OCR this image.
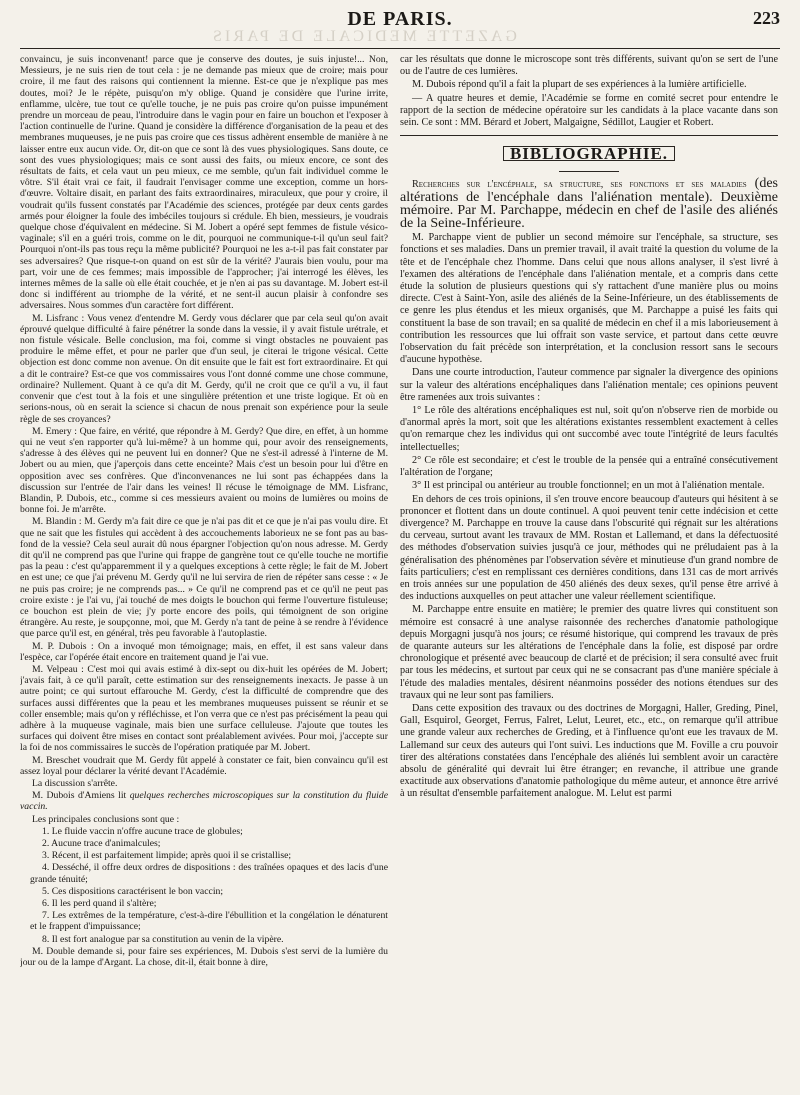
GAZETTE MEDICALE DE PARIS
DE PARIS.	223

convaincu, je suis inconvenant! parce que je conserve des doutes, je suis injuste!... Non, Messieurs, je ne suis rien de tout cela : je ne demande pas mieux que de croire; mais pour croire, il me faut des raisons qui contiennent la mienne. Est-ce que je n'explique pas mes doutes, moi? Je le répète, puisqu'on m'y oblige. Quand je considère que l'urine irrite, enflamme, ulcère, tue tout ce qu'elle touche, je ne puis pas croire qu'on puisse impunément prendre un morceau de peau, l'introduire dans le vagin pour en faire un bouchon et l'exposer à l'action continuelle de l'urine. Quand je considère la différence d'organisation de la peau et des membranes muqueuses, je ne puis pas croire que ces tissus adhèrent ensemble de manière à ne laisser entre eux aucun vide. Or, dit-on que ce sont là des vues physiologiques. Sans doute, ce sont des vues physiologiques; mais ce sont aussi des faits, ou mieux encore, ce sont des résultats de faits, et cela vaut un peu mieux, ce me semble, qu'un fait individuel comme le vôtre. S'il était vrai ce fait, il faudrait l'envisager comme une exception, comme un hors-d'œuvre. Voltaire disait, en parlant des faits extraordinaires, miraculeux, que pour y croire, il voudrait qu'ils fussent constatés par l'Académie des sciences, protégée par deux cents gardes armés pour éloigner la foule des imbéciles toujours si crédule. Eh bien, messieurs, je voudrais quelque chose d'équivalent en médecine. Si M. Jobert a opéré sept femmes de fistule vésico-vaginale; s'il en a guéri trois, comme on le dit, pourquoi ne communique-t-il qu'un seul fait? Pourquoi n'ont-ils pas tous reçu la même publicité? Pourquoi ne les a-t-il pas fait constater par ses adversaires? Que risque-t-on quand on est sûr de la vérité? J'aurais bien voulu, pour ma part, voir une de ces femmes; mais impossible de l'approcher; j'ai interrogé les élèves, les internes mêmes de la salle où elle était couchée, et je n'en ai pas su davantage. M. Jobert est-il donc si indifférent au triomphe de la vérité, et ne sent-il aucun plaisir à confondre ses adversaires. Nous sommes d'un caractère fort différent.

M. Lisfranc : Vous venez d'entendre M. Gerdy vous déclarer que par cela seul qu'on avait éprouvé quelque difficulté à faire pénétrer la sonde dans la vessie, il y avait fistule urétrale, et non fistule vésicale. Belle conclusion, ma foi, comme si vingt obstacles ne pouvaient pas produire le même effet, et pour ne parler que d'un seul, je citerai le trigone vésical. Cette objection est donc comme non avenue. On dit ensuite que le fait est fort extraordinaire. Et qui a dit le contraire? Est-ce que vos commissaires vous l'ont donné comme une chose commune, ordinaire? Nullement. Quant à ce qu'a dit M. Gerdy, qu'il ne croit que ce qu'il a vu, il faut convenir que c'est tout à la fois et une singulière prétention et une triste logique. Et où en serions-nous, où en serait la science si chacun de nous prenait son expérience pour la seule règle de ses croyances?

M. Emery : Que faire, en vérité, que répondre à M. Gerdy? Que dire, en effet, à un homme qui ne veut s'en rapporter qu'à lui-même? à un homme qui, pour avoir des renseignements, s'adresse à des élèves qui ne peuvent lui en donner? Que ne s'est-il adressé à l'interne de M. Jobert ou au mien, que j'aperçois dans cette enceinte? Mais c'est un besoin pour lui d'être en opposition avec ses confrères. Que d'inconvenances ne lui sont pas échappées dans la discussion sur l'entrée de l'air dans les veines! Il récuse le témoignage de MM. Lisfranc, Blandin, P. Dubois, etc., comme si ces messieurs avaient ou moins de lumières ou moins de bonne foi. Je m'arrête.

M. Blandin : M. Gerdy m'a fait dire ce que je n'ai pas dit et ce que je n'ai pas voulu dire. Et que ne sait que les fistules qui accèdent à des accouchements laborieux ne se font pas au bas-fond de la vessie? Cela seul aurait dû nous épargner l'objection qu'on nous adresse. M. Gerdy dit qu'il ne comprend pas que l'urine qui frappe de gangrène tout ce qu'elle touche ne mortifie pas la peau : c'est qu'apparemment il y a quelques exceptions à cette règle; le fait de M. Jobert en est une; ce que j'ai prévenu M. Gerdy qu'il ne lui servira de rien de répéter sans cesse : « Je ne puis pas croire; je ne comprends pas... » Ce qu'il ne comprend pas et ce qu'il ne peut pas croire existe : je l'ai vu, j'ai touché de mes doigts le bouchon qui ferme l'ouverture fistuleuse; ce bouchon est plein de vie; j'y porte encore des poils, qui témoignent de son origine étrangère. Au reste, je soupçonne, moi, que M. Gerdy n'a tant de peine à se rendre à l'évidence que parce qu'il est, en général, très peu favorable à l'autoplastie.

M. P. Dubois : On a invoqué mon témoignage; mais, en effet, il est sans valeur dans l'espèce, car l'opérée était encore en traitement quand je l'ai vue.

M. Velpeau : C'est moi qui avais estimé à dix-sept ou dix-huit les opérées de M. Jobert; j'avais fait, à ce qu'il paraît, cette estimation sur des renseignements inexacts. Je passe à un autre point; ce qui surtout effarouche M. Gerdy, c'est la difficulté de comprendre que des surfaces aussi différentes que la peau et les membranes muqueuses puissent se réunir et se coller ensemble; mais qu'on y réfléchisse, et l'on verra que ce n'est pas précisément la peau qui adhère à la muqueuse vaginale, mais bien une surface celluleuse. J'ajoute que toutes les surfaces qui doivent être mises en contact sont préalablement avivées. Pour moi, j'accepte sur la foi de nos commissaires le succès de l'opération pratiquée par M. Jobert.

M. Breschet voudrait que M. Gerdy fût appelé à constater ce fait, bien convaincu qu'il est assez loyal pour déclarer la vérité devant l'Académie.

La discussion s'arrête.

M. Dubois d'Amiens lit quelques recherches microscopiques sur la constitution du fluide vaccin.

Les principales conclusions sont que :

1. Le fluide vaccin n'offre aucune trace de globules;

2. Aucune trace d'animalcules;

3. Récent, il est parfaitement limpide; après quoi il se cristallise;

4. Desséché, il offre deux ordres de dispositions : des traînées opaques et des lacis d'une grande ténuité;

5. Ces dispositions caractérisent le bon vaccin;

6. Il les perd quand il s'altère;

7. Les extrêmes de la température, c'est-à-dire l'ébullition et la congélation le dénaturent et le frappent d'impuissance;

8. Il est fort analogue par sa constitution au venin de la vipère.

M. Double demande si, pour faire ses expériences, M. Dubois s'est servi de la lumière du jour ou de la lampe d'Argant. La chose, dit-il, était bonne à dire,

car les résultats que donne le microscope sont très différents, suivant qu'on se sert de l'une ou de l'autre de ces lumières.

M. Dubois répond qu'il a fait la plupart de ses expériences à la lumière artificielle.

— A quatre heures et demie, l'Académie se forme en comité secret pour entendre le rapport de la section de médecine opératoire sur les candidats à la place vacante dans son sein. Ce sont : MM. Bérard et Jobert, Malgaigne, Sédillot, Laugier et Robert.

BIBLIOGRAPHIE.

Recherches sur l'encéphale, sa structure, ses fonctions et ses maladies (des altérations de l'encéphale dans l'aliénation mentale). Deuxième mémoire. Par M. Parchappe, médecin en chef de l'asile des aliénés de la Seine-Inférieure.

M. Parchappe vient de publier un second mémoire sur l'encéphale, sa structure, ses fonctions et ses maladies. Dans un premier travail, il avait traité la question du volume de la tête et de l'encéphale chez l'homme. Dans celui que nous allons analyser, il s'est livré à l'examen des altérations de l'encéphale dans l'aliénation mentale, et a compris dans cette étude la solution de plusieurs questions qui s'y rattachent d'une manière plus ou moins directe. C'est à Saint-Yon, asile des aliénés de la Seine-Inférieure, un des établissements de ce genre les plus étendus et les mieux organisés, que M. Parchappe a puisé les faits qui constituent la base de son travail; en sa qualité de médecin en chef il a mis laborieusement à contribution les ressources que lui offrait son vaste service, et partout dans cette œuvre l'observation du fait précède son interprétation, et la conclusion ressort sans le secours d'aucune hypothèse.

Dans une courte introduction, l'auteur commence par signaler la divergence des opinions sur la valeur des altérations encéphaliques dans l'aliénation mentale; ces opinions peuvent être ramenées aux trois suivantes :

1° Le rôle des altérations encéphaliques est nul, soit qu'on n'observe rien de morbide ou d'anormal après la mort, soit que les altérations existantes ressemblent exactement à celles qu'on remarque chez les individus qui ont succombé avec toute l'intégrité de leurs facultés intellectuelles;

2° Ce rôle est secondaire; et c'est le trouble de la pensée qui a entraîné consécutivement l'altération de l'organe;

3° Il est principal ou antérieur au trouble fonctionnel; en un mot à l'aliénation mentale.

En dehors de ces trois opinions, il s'en trouve encore beaucoup d'auteurs qui hésitent à se prononcer et flottent dans un doute continuel. A quoi peuvent tenir cette indécision et cette divergence? M. Parchappe en trouve la cause dans l'obscurité qui régnait sur les altérations du cerveau, surtout avant les travaux de MM. Rostan et Lallemand, et dans la défectuosité des méthodes d'observation suivies jusqu'à ce jour, méthodes qui ne préludaient pas à la généralisation des phénomènes par l'observation sévère et minutieuse d'un grand nombre de faits particuliers; c'est en remplissant ces dernières conditions, dans 131 cas de mort arrivés en trois années sur une population de 450 aliénés des deux sexes, qu'il pense être arrivé à des inductions auxquelles on peut attacher une valeur réellement scientifique.

M. Parchappe entre ensuite en matière; le premier des quatre livres qui constituent son mémoire est consacré à une analyse raisonnée des recherches d'anatomie pathologique depuis Morgagni jusqu'à nos jours; ce résumé historique, qui comprend les travaux de près de quarante auteurs sur les altérations de l'encéphale dans la folie, est disposé par ordre chronologique et présenté avec beaucoup de clarté et de précision; il sera consulté avec fruit par tous les médecins, et surtout par ceux qui ne se consacrant pas d'une manière spéciale à l'étude des maladies mentales, désirent néanmoins posséder des notions étendues sur des travaux qui ne leur sont pas familiers.

Dans cette exposition des travaux ou des doctrines de Morgagni, Haller, Greding, Pinel, Gall, Esquirol, Georget, Ferrus, Falret, Lelut, Leuret, etc., etc., on remarque qu'il attribue une grande valeur aux recherches de Greding, et à l'influence qu'ont eue les travaux de M. Lallemand sur ceux des auteurs qui l'ont suivi. Les inductions que M. Foville a cru pouvoir tirer des altérations constatées dans l'encéphale des aliénés lui semblent avoir un caractère absolu de généralité qui devrait lui être étranger; en revanche, il attribue une grande exactitude aux observations d'anatomie pathologique du même auteur, et annonce être arrivé à un résultat d'ensemble parfaitement analogue. M. Lelut est parmi
